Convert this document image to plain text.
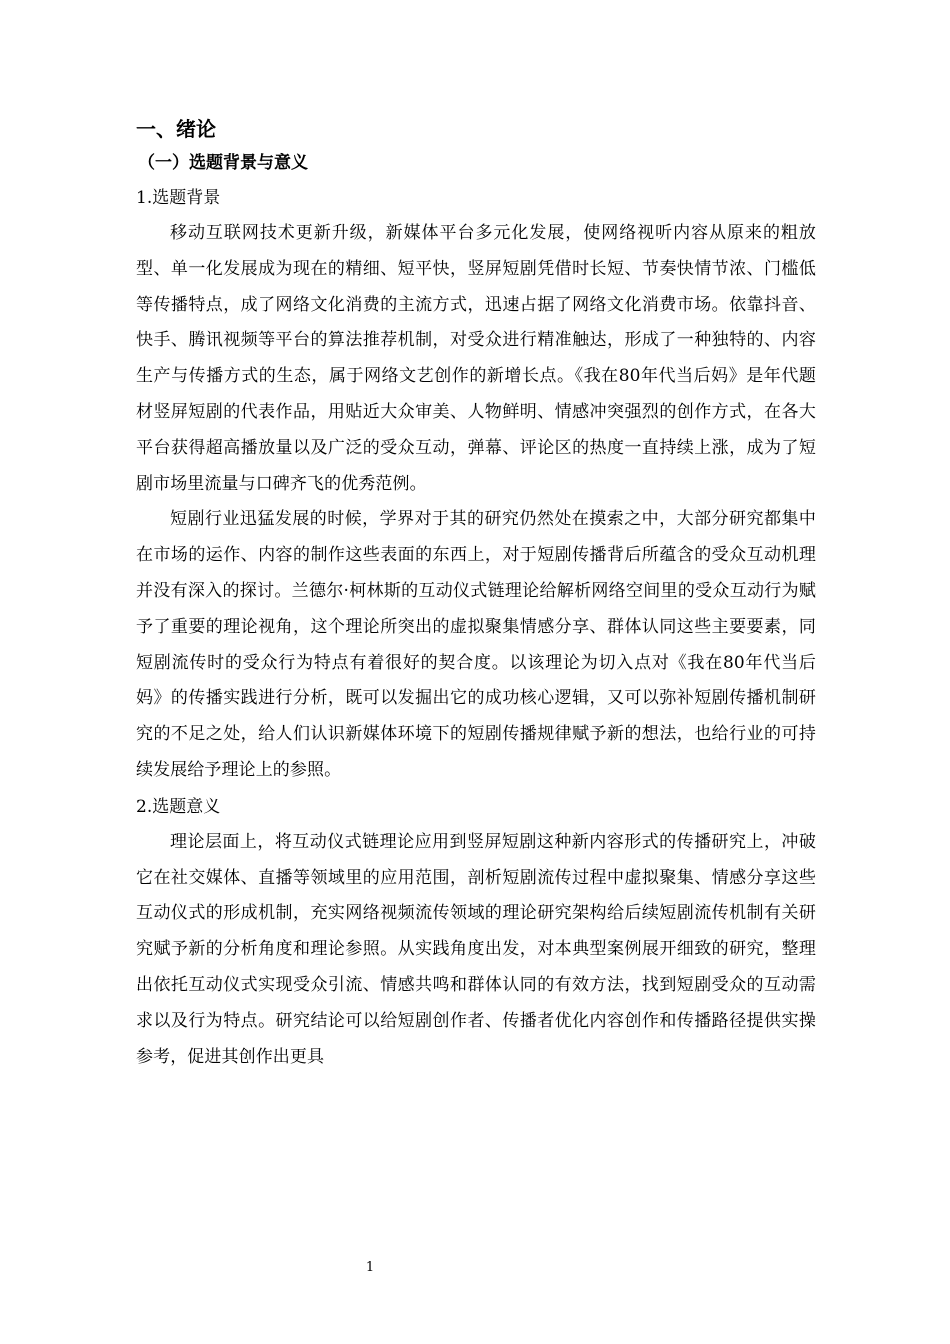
一、绪论
（一）选题背景与意义
1.选题背景

移动互联网技术更新升级，新媒体平台多元化发展，使网络视听内容从原来的粗放型、单一化发展成为现在的精细、短平快，竖屏短剧凭借时长短、节奏快情节浓、门槛低等传播特点，成了网络文化消费的主流方式，迅速占据了网络文化消费市场。依靠抖音、快手、腾讯视频等平台的算法推荐机制，对受众进行精准触达，形成了一种独特的、内容生产与传播方式的生态，属于网络文艺创作的新增长点。《我在80年代当后妈》是年代题材竖屏短剧的代表作品，用贴近大众审美、人物鲜明、情感冲突强烈的创作方式，在各大平台获得超高播放量以及广泛的受众互动，弹幕、评论区的热度一直持续上涨，成为了短剧市场里流量与口碑齐飞的优秀范例。

短剧行业迅猛发展的时候，学界对于其的研究仍然处在摸索之中，大部分研究都集中在市场的运作、内容的制作这些表面的东西上，对于短剧传播背后所蕴含的受众互动机理并没有深入的探讨。兰德尔·柯林斯的互动仪式链理论给解析网络空间里的受众互动行为赋予了重要的理论视角，这个理论所突出的虚拟聚集情感分享、群体认同这些主要要素，同短剧流传时的受众行为特点有着很好的契合度。以该理论为切入点对《我在80年代当后妈》的传播实践进行分析，既可以发掘出它的成功核心逻辑，又可以弥补短剧传播机制研究的不足之处，给人们认识新媒体环境下的短剧传播规律赋予新的想法，也给行业的可持续发展给予理论上的参照。

2.选题意义

理论层面上，将互动仪式链理论应用到竖屏短剧这种新内容形式的传播研究上，冲破它在社交媒体、直播等领域里的应用范围，剖析短剧流传过程中虚拟聚集、情感分享这些互动仪式的形成机制，充实网络视频流传领域的理论研究架构给后续短剧流传机制有关研究赋予新的分析角度和理论参照。从实践角度出发，对本典型案例展开细致的研究，整理出依托互动仪式实现受众引流、情感共鸣和群体认同的有效方法，找到短剧受众的互动需求以及行为特点。研究结论可以给短剧创作者、传播者优化内容创作和传播路径提供实操参考，促进其创作出更具

1
